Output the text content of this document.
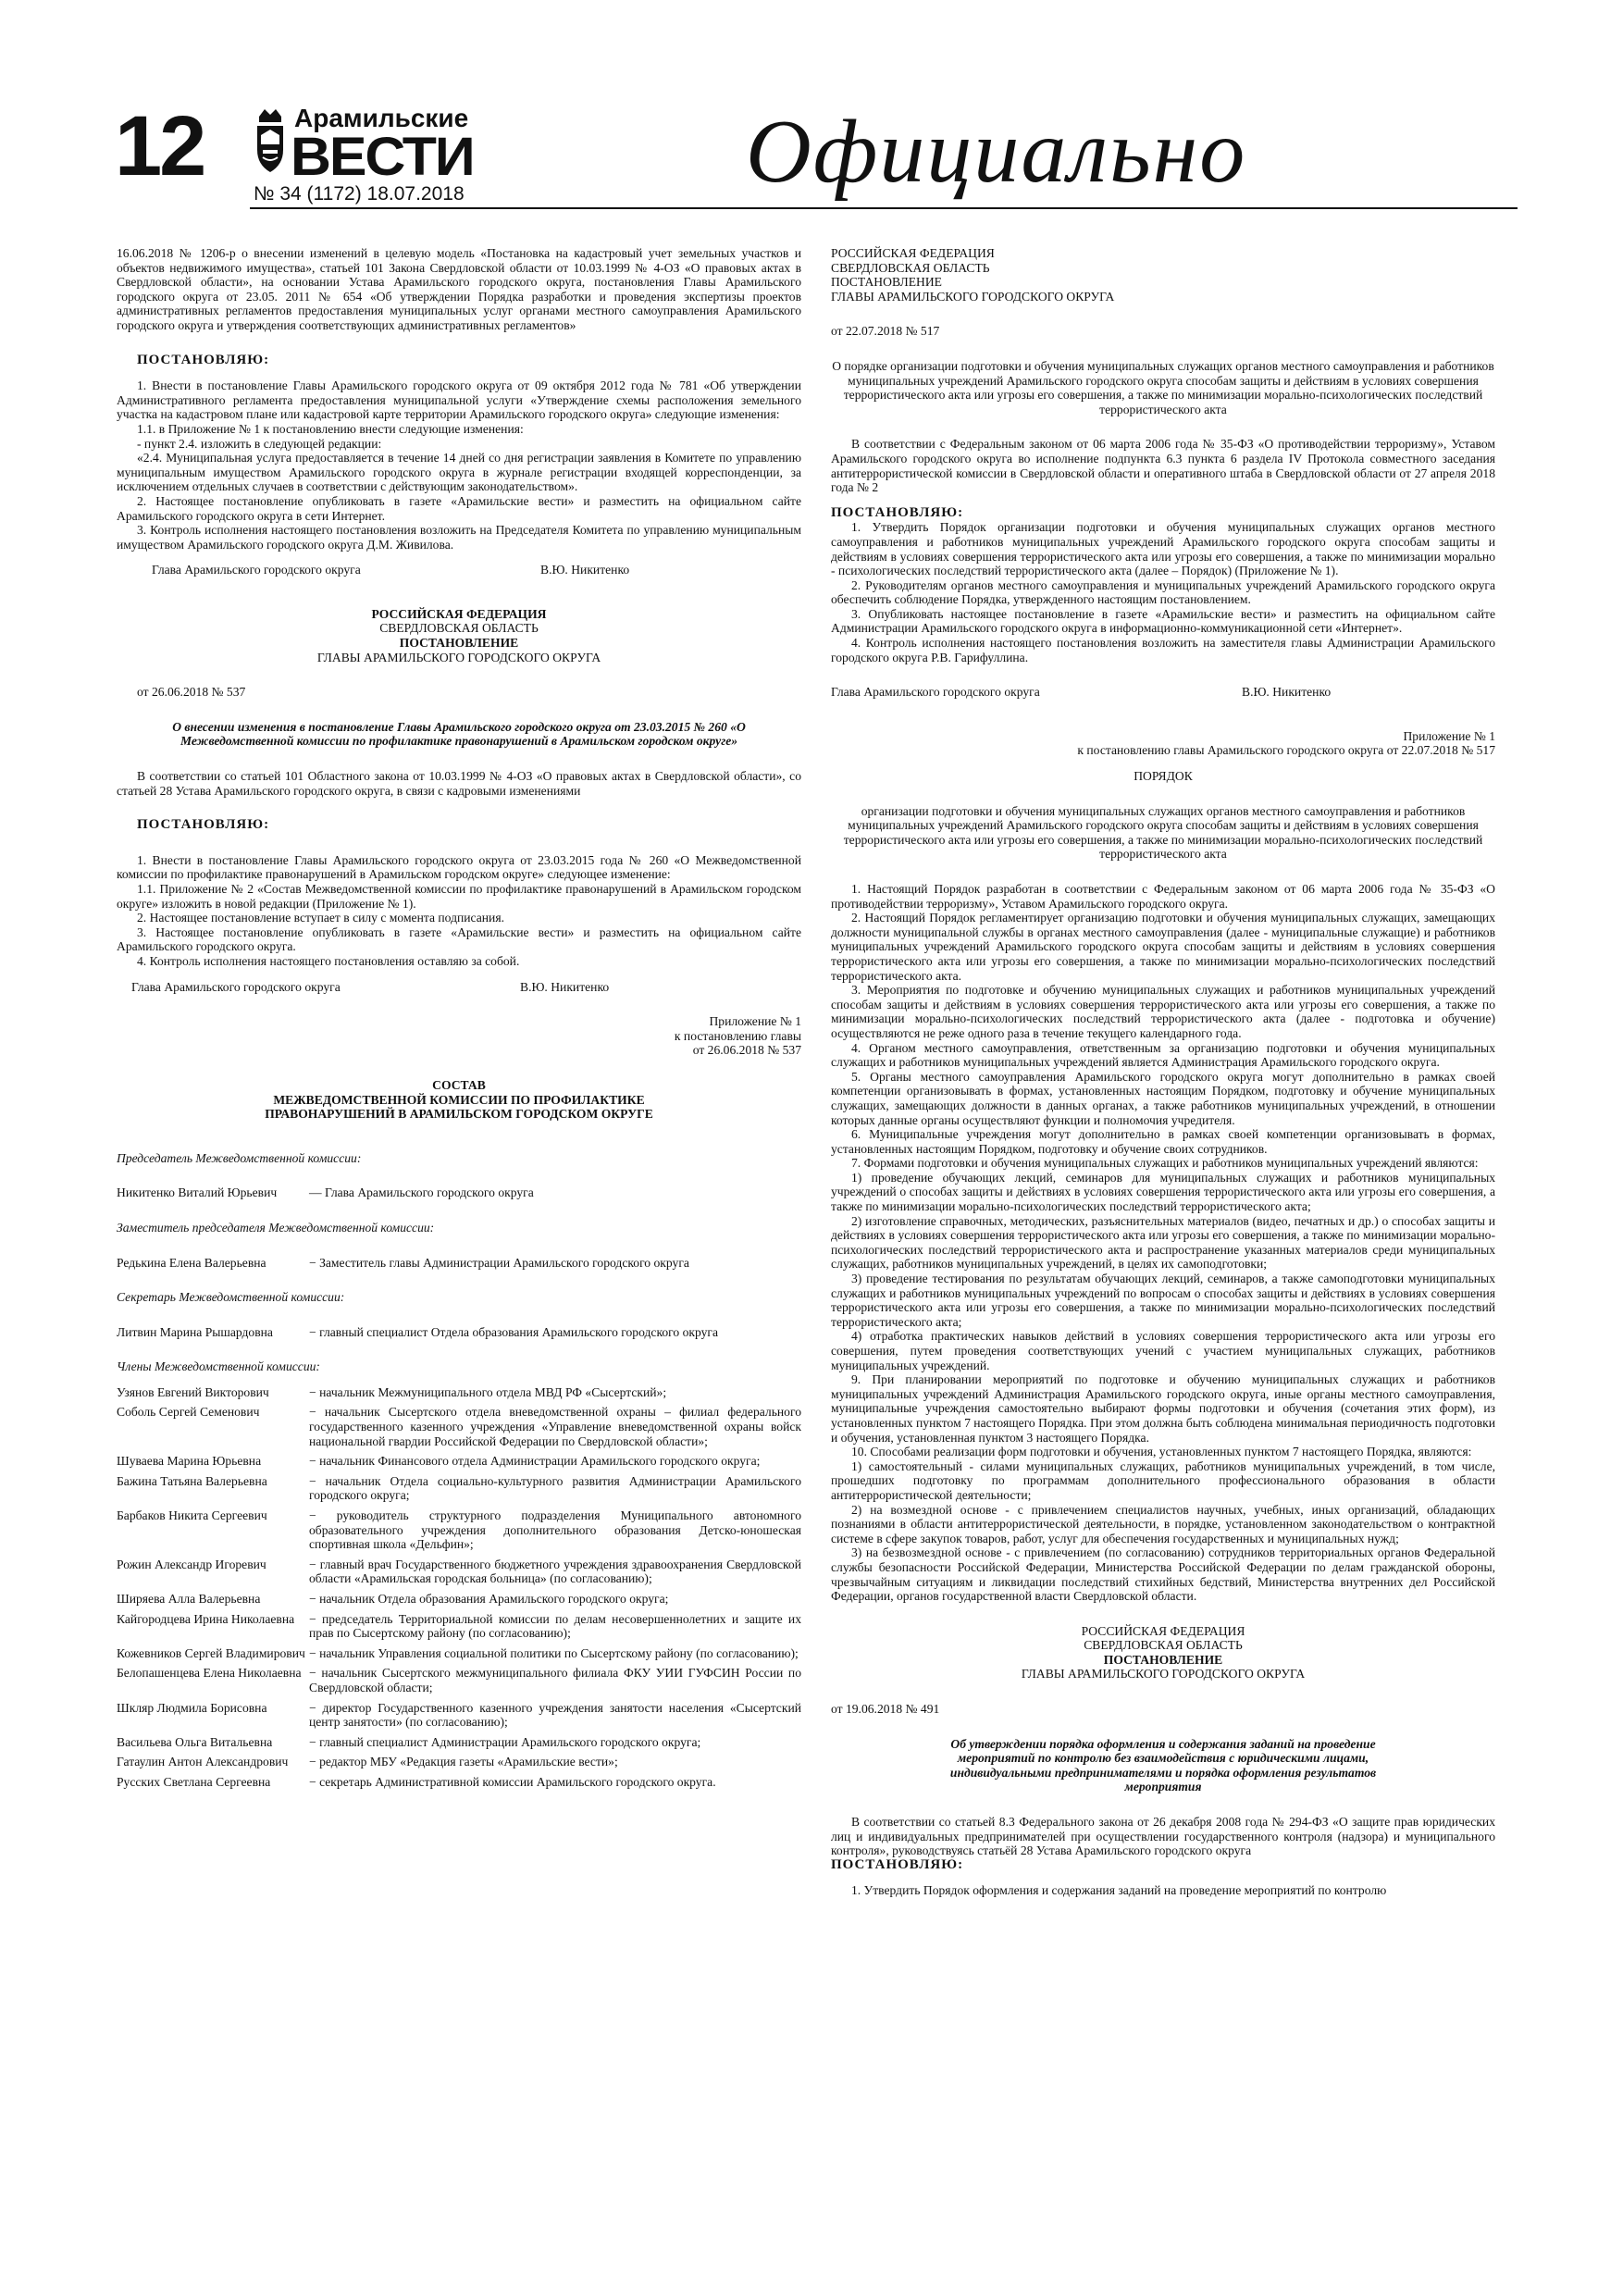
12	Арамильские
ВЕСТИ
№ 34 (1172) 18.07.2018	Официально

16.06.2018 № 1206-р о внесении изменений в целевую модель «Постановка на кадастровый учет земельных участков и объектов недвижимого имущества», статьей 101 Закона Свердловской области от 10.03.1999 № 4-ОЗ «О правовых актах в Свердловской области», на основании Устава Арамильского городского округа, постановления Главы Арамильского городского округа от 23.05. 2011 № 654 «Об утверждении Порядка разработки и проведения экспертизы проектов административных регламентов предоставления муниципальных услуг органами местного самоуправления Арамильского городского округа и утверждения соответствующих административных регламентов»

ПОСТАНОВЛЯЮ:

1. Внести в постановление Главы Арамильского городского округа от 09 октября 2012 года № 781 «Об утверждении Административного регламента предоставления муниципальной услуги «Утверждение схемы расположения земельного участка на кадастровом плане или кадастровой карте территории Арамильского городского округа» следующие изменения:

1.1. в Приложение № 1 к постановлению внести следующие изменения:

- пункт 2.4. изложить в следующей редакции:

«2.4. Муниципальная услуга предоставляется в течение 14 дней со дня регистрации заявления в Комитете по управлению муниципальным имуществом Арамильского городского округа в журнале регистрации входящей корреспонденции, за исключением отдельных случаев в соответствии с действующим законодательством».

2. Настоящее постановление опубликовать в газете «Арамильские вести» и разместить на официальном сайте Арамильского городского округа в сети Интернет.

3. Контроль исполнения настоящего постановления возложить на Председателя Комитета по управлению муниципальным имуществом Арамильского городского округа Д.М. Живилова.

Глава Арамильского городского округа	В.Ю. Никитенко

РОССИЙСКАЯ ФЕДЕРАЦИЯ

СВЕРДЛОВСКАЯ ОБЛАСТЬ

ПОСТАНОВЛЕНИЕ

ГЛАВЫ АРАМИЛЬСКОГО ГОРОДСКОГО ОКРУГА

от 26.06.2018 № 537

О внесении изменения в постановление Главы Арамильского городского округа от 23.03.2015 № 260 «О Межведомственной комиссии по профилактике правонарушений в Арамильском городском округе»

В соответствии со статьей 101 Областного закона от 10.03.1999 № 4-ОЗ «О правовых актах в Свердловской области», со статьей 28 Устава Арамильского городского округа, в связи с кадровыми изменениями

ПОСТАНОВЛЯЮ:

1. Внести в постановление Главы Арамильского городского округа от 23.03.2015 года № 260 «О Межведомственной комиссии по профилактике правонарушений в Арамильском городском округе» следующее изменение:

1.1. Приложение № 2 «Состав Межведомственной комиссии по профилактике правонарушений в Арамильском городском округе» изложить в новой редакции (Приложение № 1).

2. Настоящее постановление вступает в силу с момента подписания.

3. Настоящее постановление опубликовать в газете «Арамильские вести» и разместить на официальном сайте Арамильского городского округа.

4. Контроль исполнения настоящего постановления оставляю за собой.

Глава Арамильского городского округа	В.Ю. Никитенко

Приложение № 1

к постановлению главы

от 26.06.2018 № 537

СОСТАВ

МЕЖВЕДОМСТВЕННОЙ КОМИССИИ ПО ПРОФИЛАКТИКЕ

ПРАВОНАРУШЕНИЙ В АРАМИЛЬСКОМ ГОРОДСКОМ ОКРУГЕ

Председатель Межведомственной комиссии:

Никитенко Виталий Юрьевич	— Глава Арамильского городского округа

Заместитель председателя Межведомственной комиссии:

Редькина Елена Валерьевна	− Заместитель главы Администрации Арамильского городского округа

Секретарь Межведомственной комиссии:

Литвин Марина Рышардовна	− главный специалист Отдела образования Арамильского городского округа

Члены Межведомственной комиссии:

Узянов Евгений Викторович	− начальник Межмуниципального отдела МВД РФ «Сысертский»;
Соболь Сергей Семенович	− начальник Сысертского отдела вневедомственной охраны – филиал федерального государственного казенного учреждения «Управление вневедомственной охраны войск национальной гвардии Российской Федерации по Свердловской области»;
Шуваева Марина Юрьевна	− начальник Финансового отдела Администрации Арамильского городского округа;
Бажина Татьяна Валерьевна	− начальник Отдела социально-культурного развития Администрации Арамильского городского округа;
Барбаков Никита Сергеевич	− руководитель структурного подразделения Муниципального автономного образовательного учреждения дополнительного образования Детско-юношеская спортивная школа «Дельфин»;
Рожин Александр Игоревич	− главный врач Государственного бюджетного учреждения здравоохранения Свердловской области «Арамильская городская больница» (по согласованию);
Ширяева Алла Валерьевна	− начальник Отдела образования Арамильского городского округа;
Кайгородцева Ирина Николаевна	− председатель Территориальной комиссии по делам несовершеннолетних и защите их прав по Сысертскому району (по согласованию);
Кожевников Сергей Владимирович − начальник Управления социальной политики по Сысертскому району (по согласованию);
Белопашенцева Елена Николаевна − начальник Сысертского межмуниципального филиала ФКУ УИИ ГУФСИН России по Свердловской области;
Шкляр Людмила Борисовна	− директор Государственного казенного учреждения занятости населения «Сысертский центр занятости» (по согласованию);
Васильева Ольга Витальевна	− главный специалист Администрации Арамильского городского округа;
Гатаулин Антон Александрович	− редактор МБУ «Редакция газеты «Арамильские вести»;
Русских Светлана Сергеевна	− секретарь Административной комиссии Арамильского городского округа.

РОССИЙСКАЯ ФЕДЕРАЦИЯ

СВЕРДЛОВСКАЯ ОБЛАСТЬ

ПОСТАНОВЛЕНИЕ

ГЛАВЫ АРАМИЛЬСКОГО ГОРОДСКОГО ОКРУГА

от 22.07.2018 № 517

О порядке организации подготовки и обучения муниципальных служащих органов местного самоуправления и работников муниципальных учреждений Арамильского городского округа способам защиты и действиям в условиях совершения террористического акта или угрозы его совершения, а также по минимизации морально-психологических последствий террористического акта

В соответствии с Федеральным законом от 06 марта 2006 года № 35-ФЗ «О противодействии терроризму», Уставом Арамильского городского округа во исполнение подпункта 6.3 пункта 6 раздела IV Протокола совместного заседания антитеррористической комиссии в Свердловской области и оперативного штаба в Свердловской области от 27 апреля 2018 года № 2

ПОСТАНОВЛЯЮ:

1. Утвердить Порядок организации подготовки и обучения муниципальных служащих органов местного самоуправления и работников муниципальных учреждений Арамильского городского округа способам защиты и действиям в условиях совершения террористического акта или угрозы его совершения, а также по минимизации морально - психологических последствий террористического акта (далее – Порядок) (Приложение № 1).

2. Руководителям органов местного самоуправления и муниципальных учреждений Арамильского городского округа обеспечить соблюдение Порядка, утвержденного настоящим постановлением.

3. Опубликовать настоящее постановление в газете «Арамильские вести» и разместить на официальном сайте Администрации Арамильского городского округа в информационно-коммуникационной сети «Интернет».

4. Контроль исполнения настоящего постановления возложить на заместителя главы Администрации Арамильского городского округа Р.В. Гарифуллина.

Глава Арамильского городского округа	В.Ю. Никитенко

Приложение № 1

к постановлению главы Арамильского городского округа от 22.07.2018 № 517

ПОРЯДОК

организации подготовки и обучения муниципальных служащих органов местного самоуправления и работников муниципальных учреждений Арамильского городского округа способам защиты и действиям в условиях совершения террористического акта или угрозы его совершения, а также по минимизации морально-психологических последствий террористического акта

1. Настоящий Порядок разработан в соответствии с Федеральным законом от 06 марта 2006 года № 35-ФЗ «О противодействии терроризму», Уставом Арамильского городского округа.

2. Настоящий Порядок регламентирует организацию подготовки и обучения муниципальных служащих, замещающих должности муниципальной службы в органах местного самоуправления (далее - муниципальные служащие) и работников муниципальных учреждений Арамильского городского округа способам защиты и действиям в условиях совершения террористического акта или угрозы его совершения, а также по минимизации морально-психологических последствий террористического акта.

3. Мероприятия по подготовке и обучению муниципальных служащих и работников муниципальных учреждений способам защиты и действиям в условиях совершения террористического акта или угрозы его совершения, а также по минимизации морально-психологических последствий террористического акта (далее - подготовка и обучение) осуществляются не реже одного раза в течение текущего календарного года.

4. Органом местного самоуправления, ответственным за организацию подготовки и обучения муниципальных служащих и работников муниципальных учреждений является Администрация Арамильского городского округа.

5. Органы местного самоуправления Арамильского городского округа могут дополнительно в рамках своей компетенции организовывать в формах, установленных настоящим Порядком, подготовку и обучение муниципальных служащих, замещающих должности в данных органах, а также работников муниципальных учреждений, в отношении которых данные органы осуществляют функции и полномочия учредителя.

6. Муниципальные учреждения могут дополнительно в рамках своей компетенции организовывать в формах, установленных настоящим Порядком, подготовку и обучение своих сотрудников.

7. Формами подготовки и обучения муниципальных служащих и работников муниципальных учреждений являются:

1) проведение обучающих лекций, семинаров для муниципальных служащих и работников муниципальных учреждений о способах защиты и действиях в условиях совершения террористического акта или угрозы его совершения, а также по минимизации морально-психологических последствий террористического акта;

2) изготовление справочных, методических, разъяснительных материалов (видео, печатных и др.) о способах защиты и действиях в условиях совершения террористического акта или угрозы его совершения, а также по минимизации морально-психологических последствий террористического акта и распространение указанных материалов среди муниципальных служащих, работников муниципальных учреждений, в целях их самоподготовки;

3) проведение тестирования по результатам обучающих лекций, семинаров, а также самоподготовки муниципальных служащих и работников муниципальных учреждений по вопросам о способах защиты и действиях в условиях совершения террористического акта или угрозы его совершения, а также по минимизации морально-психологических последствий террористического акта;

4) отработка практических навыков действий в условиях совершения террористического акта или угрозы его совершения, путем проведения соответствующих учений с участием муниципальных служащих, работников муниципальных учреждений.

9. При планировании мероприятий по подготовке и обучению муниципальных служащих и работников муниципальных учреждений Администрация Арамильского городского округа, иные органы местного самоуправления, муниципальные учреждения самостоятельно выбирают формы подготовки и обучения (сочетания этих форм), из установленных пунктом 7 настоящего Порядка. При этом должна быть соблюдена минимальная периодичность подготовки и обучения, установленная пунктом 3 настоящего Порядка.

10. Способами реализации форм подготовки и обучения, установленных пунктом 7 настоящего Порядка, являются:

1) самостоятельный - силами муниципальных служащих, работников муниципальных учреждений, в том числе, прошедших подготовку по программам дополнительного профессионального образования в области антитеррористической деятельности;

2) на возмездной основе - с привлечением специалистов научных, учебных, иных организаций, обладающих познаниями в области антитеррористической деятельности, в порядке, установленном законодательством о контрактной системе в сфере закупок товаров, работ, услуг для обеспечения государственных и муниципальных нужд;

3) на безвозмездной основе - с привлечением (по согласованию) сотрудников территориальных органов Федеральной службы безопасности Российской Федерации, Министерства Российской Федерации по делам гражданской обороны, чрезвычайным ситуациям и ликвидации последствий стихийных бедствий, Министерства внутренних дел Российской Федерации, органов государственной власти Свердловской области.

РОССИЙСКАЯ ФЕДЕРАЦИЯ

СВЕРДЛОВСКАЯ ОБЛАСТЬ

ПОСТАНОВЛЕНИЕ

ГЛАВЫ АРАМИЛЬСКОГО ГОРОДСКОГО ОКРУГА

от 19.06.2018 № 491

Об утверждении порядка оформления и содержания заданий на проведение мероприятий по контролю без взаимодействия с юридическими лицами, индивидуальными предпринимателями и порядка оформления результатов мероприятия

В соответствии со статьей 8.3 Федерального закона от 26 декабря 2008 года № 294-ФЗ «О защите прав юридических лиц и индивидуальных предпринимателей при осуществлении государственного контроля (надзора) и муниципального контроля», руководствуясь статьёй 28 Устава Арамильского городского округа

ПОСТАНОВЛЯЮ:

1. Утвердить Порядок оформления и содержания заданий на проведение мероприятий по контролю
